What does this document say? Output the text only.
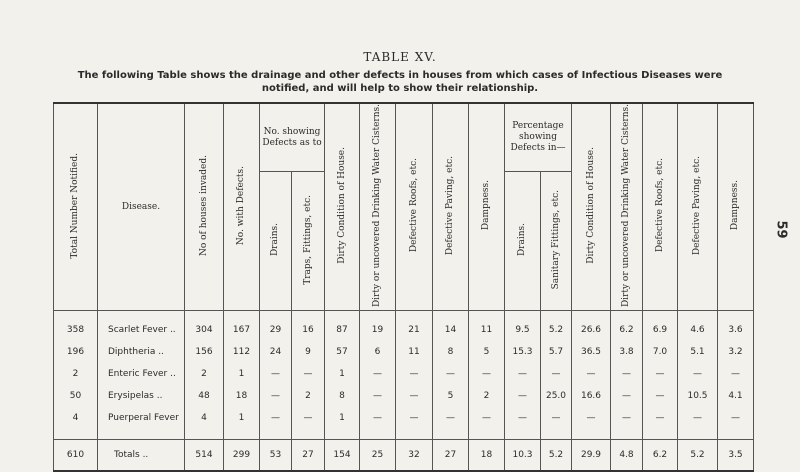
TABLE XV.
The following Table shows the drainage and other defects in houses from which cases of Infectious Diseases were notified, and will help to show their relationship.
59
Total Number Notified.	Disease.	No of houses invaded.	No. with Defects.	No. showing Defects as to		Dirty Condition of House.	Dirty or uncovered Drinking Water Cisterns.	Defective Roofs, etc.	Defective Paving, etc.	Dampness.	Percentage showing Defects in—		Dirty Condition of House.	Dirty or uncovered Drinking Water Cisterns.	Defective Roofs, etc.	Defective Paving, etc.	Dampness.
				Drains.	Traps, Fittings, etc.						Drains.	Sanitary Fittings, etc.					
358	Scarlet Fever ..	304	167	29	16	87	19	21	14	11	9.5	5.2	26.6	6.2	6.9	4.6	3.6
196	Diphtheria ..	156	112	24	9	57	6	11	8	5	15.3	5.7	36.5	3.8	7.0	5.1	3.2
2	Enteric Fever ..	2	1	—	—	1	—	—	—	—	—	—	—	—	—	—	—
50	Erysipelas ..	48	18	—	2	8	—	—	5	2	—	25.0	16.6	—	—	10.5	4.1
4	Puerperal Fever	4	1	—	—	1	—	—	—	—	—	—	—	—	—	—	—

610	Totals ..	514	299	53	27	154	25	32	27	18	10.3	5.2	29.9	4.8	6.2	5.2	3.5
